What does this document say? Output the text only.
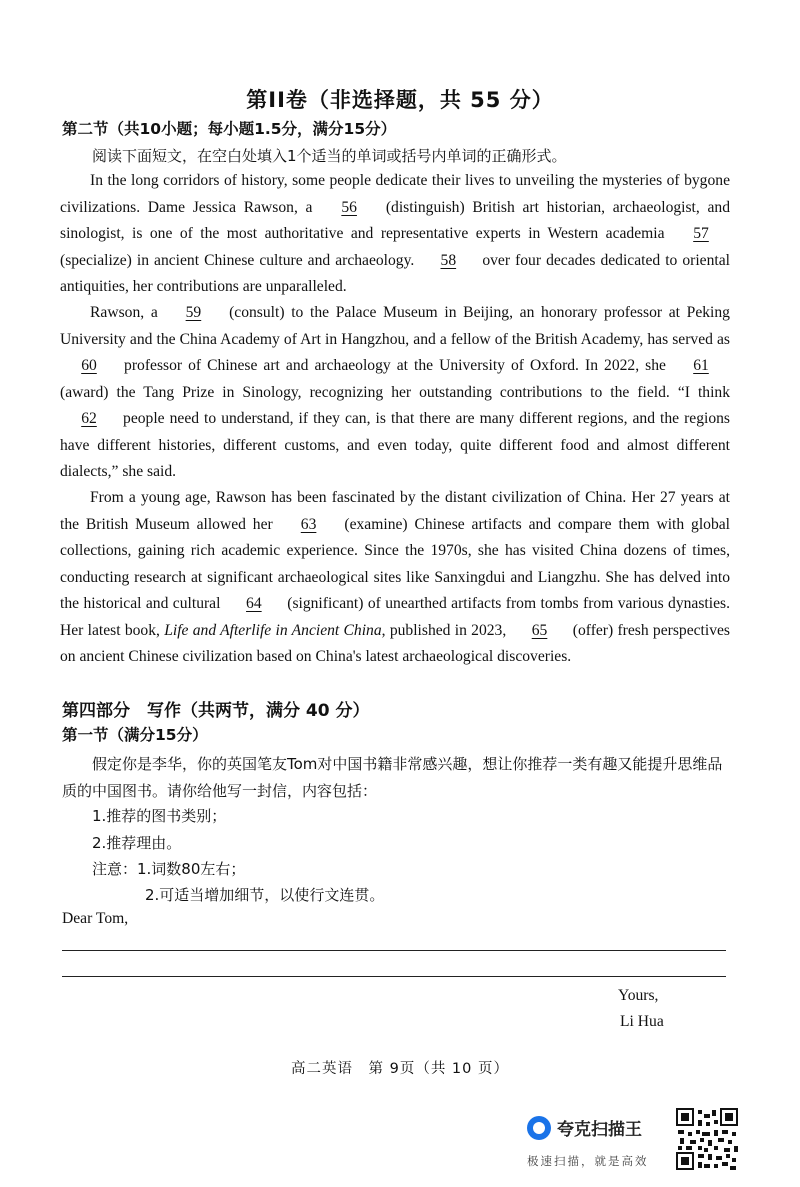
第II卷（非选择题，共 55 分）
第二节（共10小题；每小题1.5分，满分15分）
阅读下面短文，在空白处填入1个适当的单词或括号内单词的正确形式。

In the long corridors of history, some people dedicate their lives to unveiling the mysteries of bygone civilizations. Dame Jessica Rawson, a 56 (distinguish) British art historian, archaeologist, and sinologist, is one of the most authoritative and representative experts in Western academia 57 (specialize) in ancient Chinese culture and archaeology. 58 over four decades dedicated to oriental antiquities, her contributions are unparalleled.

Rawson, a 59 (consult) to the Palace Museum in Beijing, an honorary professor at Peking University and the China Academy of Art in Hangzhou, and a fellow of the British Academy, has served as 60 professor of Chinese art and archaeology at the University of Oxford. In 2022, she 61 (award) the Tang Prize in Sinology, recognizing her outstanding contributions to the field. “I think 62 people need to understand, if they can, is that there are many different regions, and the regions have different histories, different customs, and even today, quite different food and almost different dialects,” she said.

From a young age, Rawson has been fascinated by the distant civilization of China. Her 27 years at the British Museum allowed her 63 (examine) Chinese artifacts and compare them with global collections, gaining rich academic experience. Since the 1970s, she has visited China dozens of times, conducting research at significant archaeological sites like Sanxingdui and Liangzhu. She has delved into the historical and cultural 64 (significant) of unearthed artifacts from tombs from various dynasties. Her latest book, Life and Afterlife in Ancient China, published in 2023, 65 (offer) fresh perspectives on ancient Chinese civilization based on China's latest archaeological discoveries.

第四部分　写作（共两节，满分 40 分）
第一节（满分15分）
假定你是李华，你的英国笔友Tom对中国书籍非常感兴趣，想让你推荐一类有趣又能提升思维品质的中国图书。请你给他写一封信，内容包括：
1.推荐的图书类别；
2.推荐理由。
注意：1.词数80左右；
2.可适当增加细节，以使行文连贯。
Dear Tom,
Yours,
Li Hua
高二英语　第 9页（共 10 页）
夸克扫描王
极速扫描，就是高效
